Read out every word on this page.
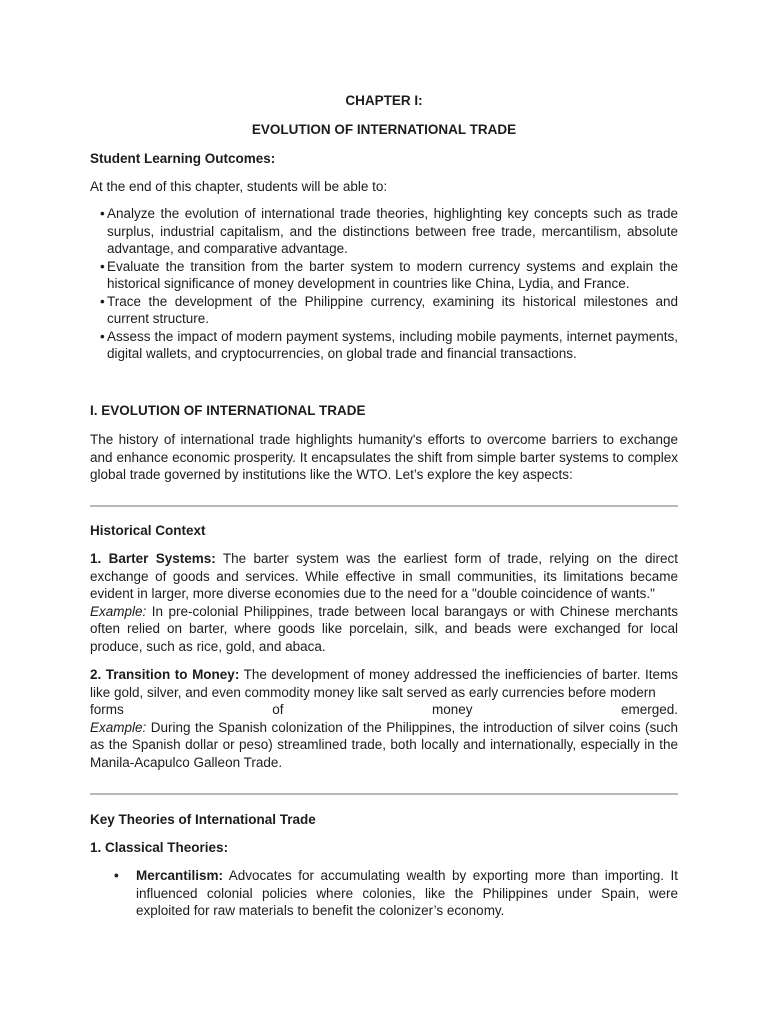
CHAPTER I:
EVOLUTION OF INTERNATIONAL TRADE
Student Learning Outcomes:
At the end of this chapter, students will be able to:
• Analyze the evolution of international trade theories, highlighting key concepts such as trade surplus, industrial capitalism, and the distinctions between free trade, mercantilism, absolute advantage, and comparative advantage.
• Evaluate the transition from the barter system to modern currency systems and explain the historical significance of money development in countries like China, Lydia, and France.
• Trace the development of the Philippine currency, examining its historical milestones and current structure.
• Assess the impact of modern payment systems, including mobile payments, internet payments, digital wallets, and cryptocurrencies, on global trade and financial transactions.
I. EVOLUTION OF INTERNATIONAL TRADE
The history of international trade highlights humanity's efforts to overcome barriers to exchange and enhance economic prosperity. It encapsulates the shift from simple barter systems to complex global trade governed by institutions like the WTO. Let’s explore the key aspects:
Historical Context
1. Barter Systems: The barter system was the earliest form of trade, relying on the direct exchange of goods and services. While effective in small communities, its limitations became evident in larger, more diverse economies due to the need for a "double coincidence of wants."
Example: In pre-colonial Philippines, trade between local barangays or with Chinese merchants often relied on barter, where goods like porcelain, silk, and beads were exchanged for local produce, such as rice, gold, and abaca.
2. Transition to Money: The development of money addressed the inefficiencies of barter. Items like gold, silver, and even commodity money like salt served as early currencies before modern
forms of money emerged.
Example: During the Spanish colonization of the Philippines, the introduction of silver coins (such as the Spanish dollar or peso) streamlined trade, both locally and internationally, especially in the Manila-Acapulco Galleon Trade.
Key Theories of International Trade
1. Classical Theories:
• Mercantilism: Advocates for accumulating wealth by exporting more than importing. It influenced colonial policies where colonies, like the Philippines under Spain, were exploited for raw materials to benefit the colonizer’s economy.
